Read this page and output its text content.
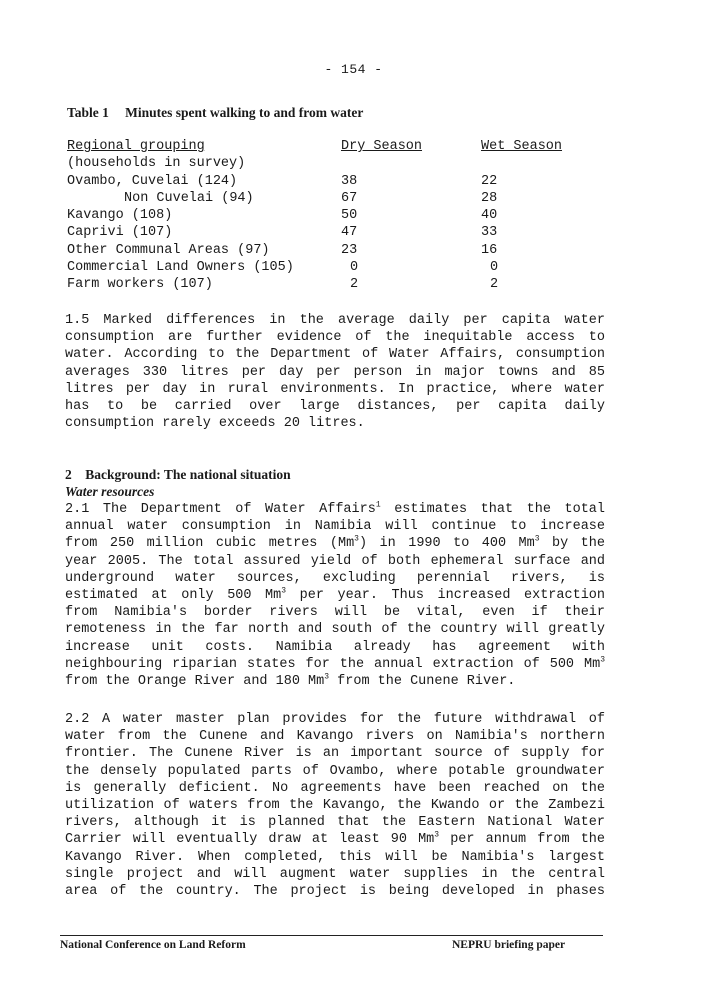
- 154 -
Table 1 Minutes spent walking to and from water
Regional grouping	Dry Season	Wet Season
(households in survey)
Ovambo, Cuvelai (124)	38	22
Non Cuvelai (94)	67	28
Kavango (108)	50	40
Caprivi (107)	47	33
Other Communal Areas (97)	23	16
Commercial Land Owners (105)	0	0
Farm workers (107)	2	2
1.5 Marked differences in the average daily per capita water
consumption are further evidence of the inequitable access to
water. According to the Department of Water Affairs, consumption
averages 330 litres per day per person in major towns and 85
litres per day in rural environments. In practice, where water
has to be carried over large distances, per capita daily
consumption rarely exceeds 20 litres.
2    Background: The national situation
Water resources
2.1 The Department of Water Affairs$^1$ estimates that the total
annual water consumption in Namibia will continue to increase
from 250 million cubic metres (Mm$^3$) in 1990 to 400 Mm$^3$ by the
year 2005. The total assured yield of both ephemeral surface and
underground water sources, excluding perennial rivers, is
estimated at only 500 Mm$^3$ per year. Thus increased extraction
from Namibia's border rivers will be vital, even if their
remoteness in the far north and south of the country will greatly
increase unit costs. Namibia already has agreement with
neighbouring riparian states for the annual extraction of 500 Mm$^3$
from the Orange River and 180 Mm$^3$ from the Cunene River.
2.2 A water master plan provides for the future withdrawal of
water from the Cunene and Kavango rivers on Namibia's northern
frontier. The Cunene River is an important source of supply for
the densely populated parts of Ovambo, where potable groundwater
is generally deficient. No agreements have been reached on the
utilization of waters from the Kavango, the Kwando or the Zambezi
rivers, although it is planned that the Eastern National Water
Carrier will eventually draw at least 90 Mm$^3$ per annum from the
Kavango River. When completed, this will be Namibia's largest
single project and will augment water supplies in the central
area of the country. The project is being developed in phases
National Conference on Land Reform	NEPRU briefing paper
